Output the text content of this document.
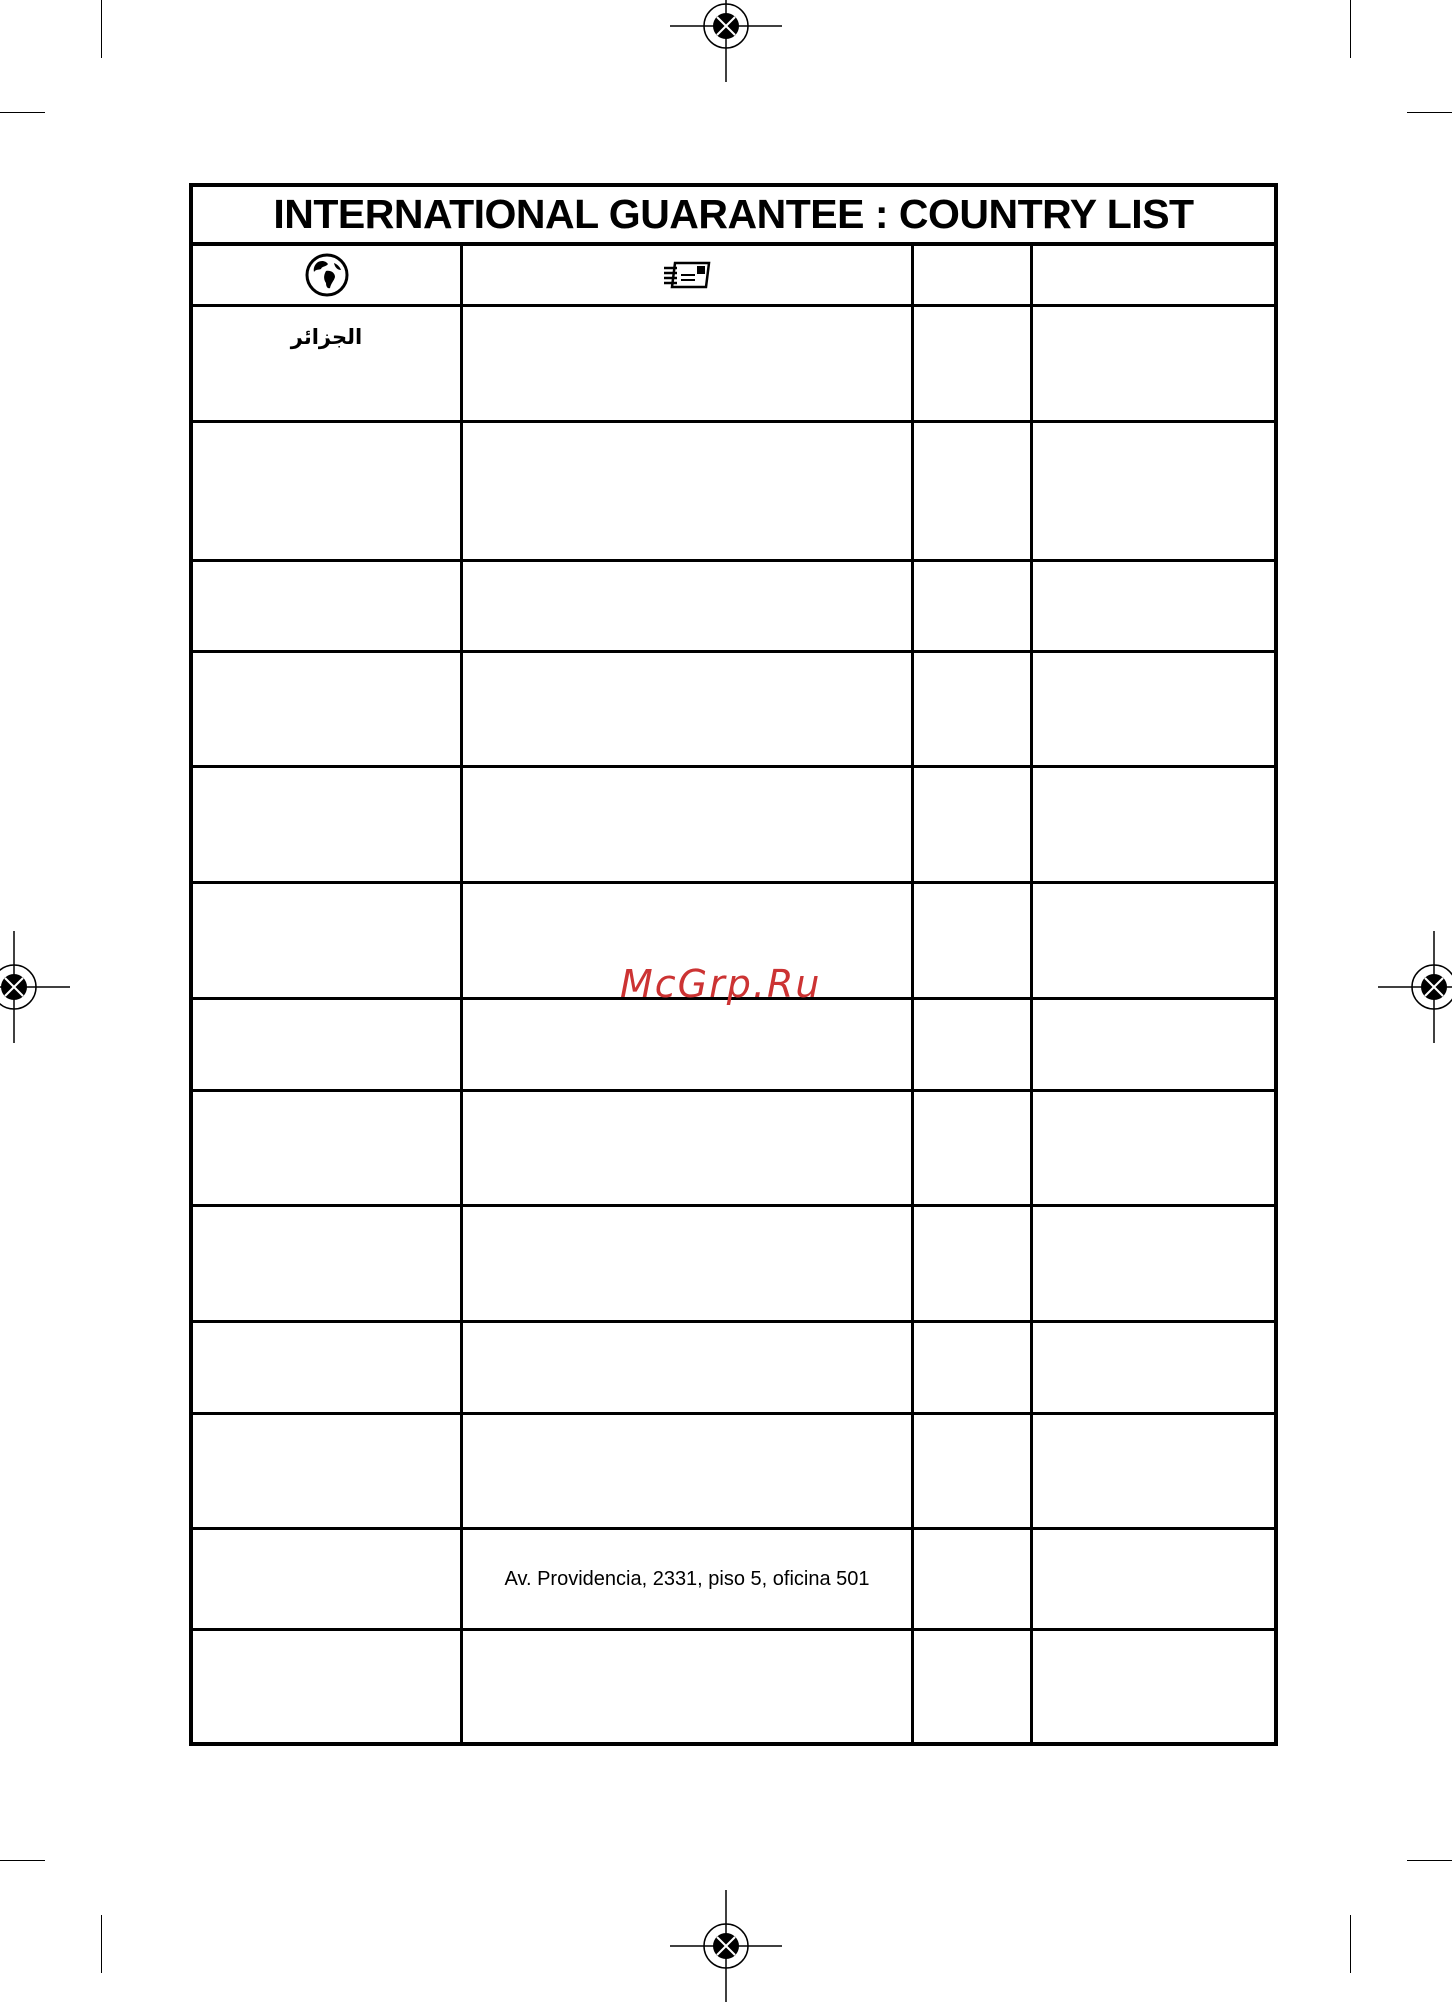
INTERNATIONAL GUARANTEE : COUNTRY LIST
الجزائر
Av. Providencia, 2331, piso 5, oficina 501
McGrp.Ru
